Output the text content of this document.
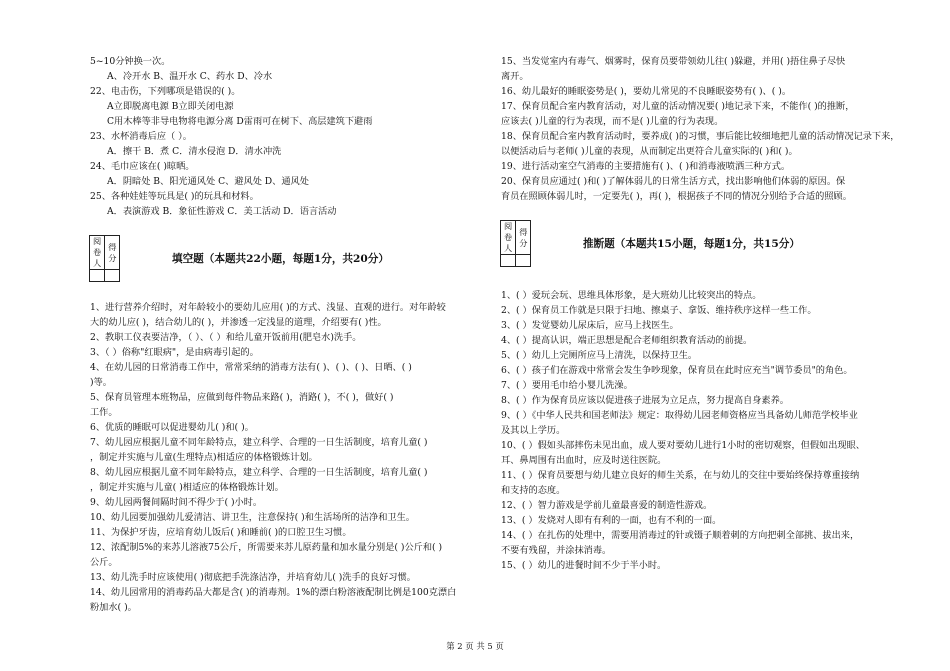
5~10分钟换一次。
A、冷开水 B、温开水 C、药水 D、冷水
22、电击伤，下列哪项是错误的( )。
A立即脱离电源 B立即关闭电源
C用木棒等非导电物将电源分离 D雷雨可在树下、高层建筑下避雨
23、水杯消毒后应（ ）。
A．擦干 B．煮 C．清水侵泡 D．清水冲洗
24、毛巾应该在( )晾晒。
A．阴暗处 B、阳光通风处 C、避风处 D、通风处
25、各种娃娃等玩具是( )的玩具和材料。
A．表演游戏 B．象征性游戏 C．美工活动 D．语言活动
阅卷人	得分
		填空题（本题共22小题，每题1分，共20分）
1、进行营养介绍时，对年龄较小的要幼儿应用( )的方式、浅显、直观的进行。对年龄较
大的幼儿应( )，结合幼儿的( )，并渗透一定浅显的道理，介绍要有( )性。
2、教职工仪表要洁净，（ ）、（ ）和给儿童开饭前用(肥皂水)洗手。
3、（ ）俗称"红眼病"，是由病毒引起的。
4、在幼儿园的日常消毒工作中，常常采纳的消毒方法有( )、( )、( )、日晒、( )
)等。
5、保育员管理本班物品，应做到每件物品来路( )，消路( )，不( )，做好( )
工作。
6、优质的睡眠可以促进婴幼儿( )和( )。
7、幼儿园应根据儿童不同年龄特点，建立科学、合理的一日生活制度，培育儿童( )
，制定并实施与儿童(生理特点)相适应的体格锻炼计划。
8、幼儿园应根据儿童不同年龄特点，建立科学、合理的一日生活制度，培育儿童( )
，制定并实施与儿童( )相适应的体格锻炼计划。
9、幼儿园两餐间隔时间不得少于( )小时。
10、幼儿园要加强幼儿爱清洁、讲卫生，注意保持( )和生活场所的洁净和卫生。
11、为保护牙齿，应培育幼儿饭后( )和睡前( )的口腔卫生习惯。
12、浓配制5%的来苏儿溶液75公斤，所需要来苏儿原药量和加水量分别是( )公斤和( )
公斤。
13、幼儿洗手时应该使用( )彻底把手洗涤洁净，并培育幼儿( )洗手的良好习惯。
14、幼儿园常用的消毒药品大都是含( )的消毒剂。1%的漂白粉溶液配制比例是100克漂白
粉加水( )。
15、当发觉室内有毒气、烟雾时，保育员要带领幼儿往( )躲避，并用( )捂住鼻子尽快
离开。
16、幼儿最好的睡眠姿势是( )，要幼儿常见的不良睡眠姿势有( )、( )。
17、保育员配合室内教育活动，对儿童的活动情况要( )地记录下来，不能作( )的推断，
应该去( )儿童的行为表现，而不是( )儿童的行为表现。
18、保育员配合室内教育活动时，要养成( )的习惯，事后能比较细地把儿童的活动情况记录下来，
以便活动后与老师( )儿童的表现，从而制定出更符合儿童实际的( )和( )。
19、进行活动室空气消毒的主要措施有( )、( )和消毒液喷洒三种方式。
20、保育员应通过( )和( )了解体弱儿的日常生活方式，找出影响他们体弱的原因。保
育员在照顾体弱儿时，一定要先( )，再( )，根据孩子不同的情况分别给予合适的照顾。
阅卷人	得分
		推断题（本题共15小题，每题1分，共15分）
1、( ）爱玩会玩、思维具体形象，是大班幼儿比较突出的特点。
2、( ）保育员工作就是只限于扫地、擦桌子、拿饭、维持秩序这样一些工作。
3、( ）发觉婴幼儿尿床后，应马上找医生。
4、( ）提高认识，端正思想是配合老师组织教育活动的前提。
5、( ）幼儿上完厕所应马上清洗，以保持卫生。
6、( ）孩子们在游戏中常常会发生争吵现象，保育员在此时应充当"调节委员"的角色。
7、( ）要用毛巾给小婴儿洗澡。
8、( ）作为保育员应该以促进孩子进展为立足点，努力提高自身素养。
9、( ）《中华人民共和国老师法》规定：取得幼儿园老师资格应当具备幼儿师范学校毕业
及其以上学历。
10、( ）假如头部摔伤未见出血，成人要对要幼儿进行1小时的密切观察，但假如出现眼、
耳、鼻周围有出血时，应及时送往医院。
11、( ）保育员要想与幼儿建立良好的师生关系，在与幼儿的交往中要始终保持尊重接纳
和支持的态度。
12、( ）智力游戏是学前儿童最喜爱的制造性游戏。
13、( ）发烧对人即有有利的一面，也有不利的一面。
14、( ）在扎伤的处理中，需要用消毒过的针或镊子顺着刺的方向把刺全部挑、拔出来，
不要有残留，并涂抹消毒。
15、( ）幼儿的进餐时间不少于半小时。
第 2 页 共 5 页
